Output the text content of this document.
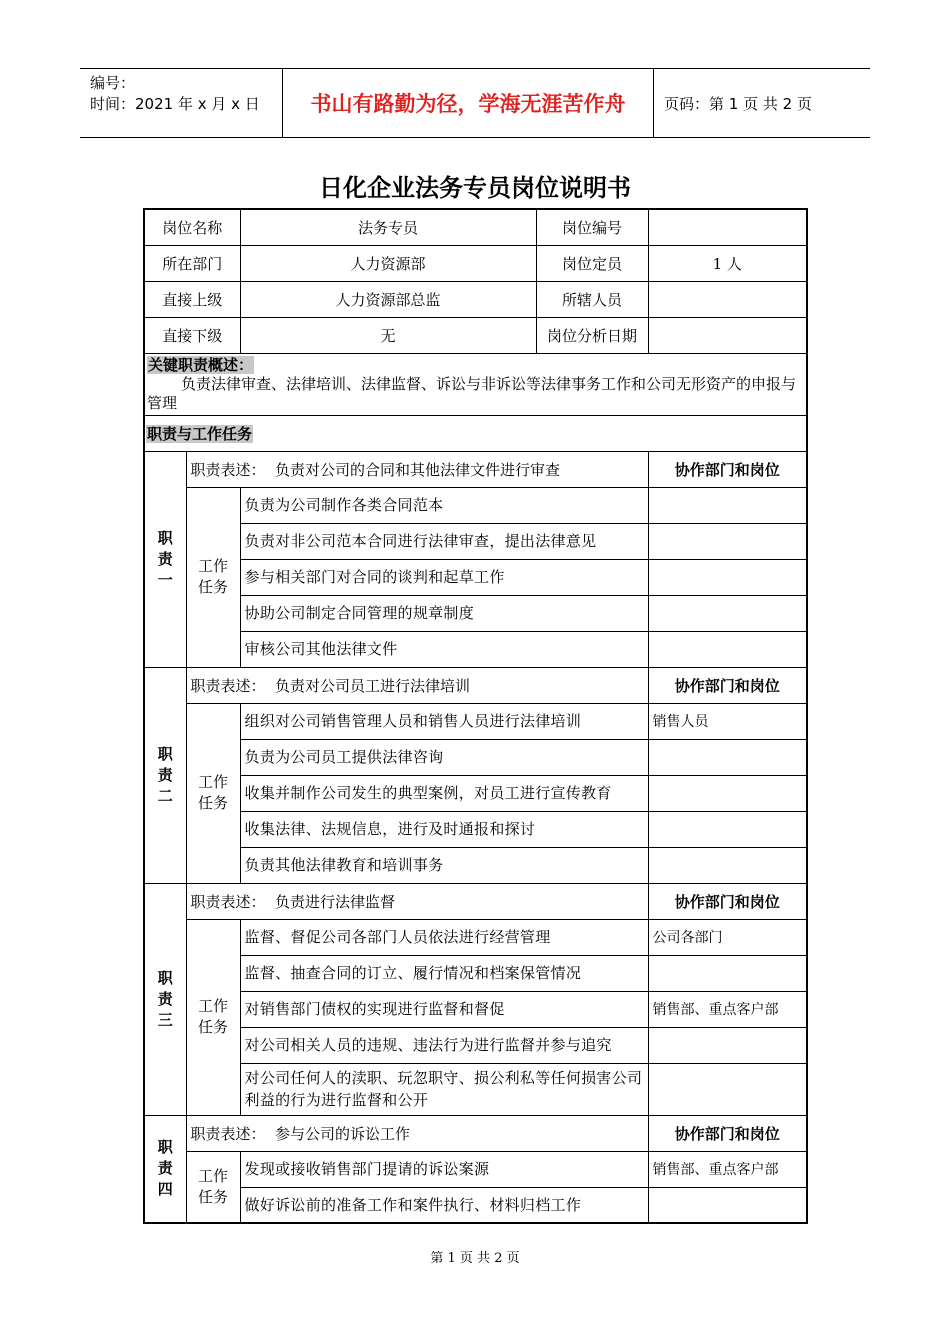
编号：
时间：2021 年 x 月 x 日	书山有路勤为径，学海无涯苦作舟	页码：第 1 页 共 2 页
日化企业法务专员岗位说明书
岗位名称		法务专员	岗位编号	
所在部门		人力资源部	岗位定员	1 人
直接上级		人力资源部总监	所辖人员	
直接下级		无	岗位分析日期	
关键职责概述：
负责法律审查、法律培训、法律监督、诉讼与非诉讼等法律事务工作和公司无形资产的申报与管理				
职责与工作任务				

职责一	职责表述：  负责对公司的合同和其他法律文件进行审查			协作部门和岗位

	工作任务	负责为公司制作各类合同范本		
		负责对非公司范本合同进行法律审查，提出法律意见		
		参与相关部门对合同的谈判和起草工作		
		协助公司制定合同管理的规章制度		
		审核公司其他法律文件		

职责二	职责表述：  负责对公司员工进行法律培训			协作部门和岗位

	工作任务	组织对公司销售管理人员和销售人员进行法律培训		销售人员
		负责为公司员工提供法律咨询		
		收集并制作公司发生的典型案例，对员工进行宣传教育		
		收集法律、法规信息，进行及时通报和探讨		
		负责其他法律教育和培训事务		

职责三	职责表述：  负责进行法律监督			协作部门和岗位

	工作任务	监督、督促公司各部门人员依法进行经营管理		公司各部门
		监督、抽查合同的订立、履行情况和档案保管情况		
		对销售部门债权的实现进行监督和督促		销售部、重点客户部
		对公司相关人员的违规、违法行为进行监督并参与追究		
		对公司任何人的渎职、玩忽职守、损公利私等任何损害公司利益的行为进行监督和公开		

职责四	职责表述：  参与公司的诉讼工作			协作部门和岗位

	工作任务	发现或接收销售部门提请的诉讼案源		销售部、重点客户部
		做好诉讼前的准备工作和案件执行、材料归档工作		
第 1 页 共 2 页
